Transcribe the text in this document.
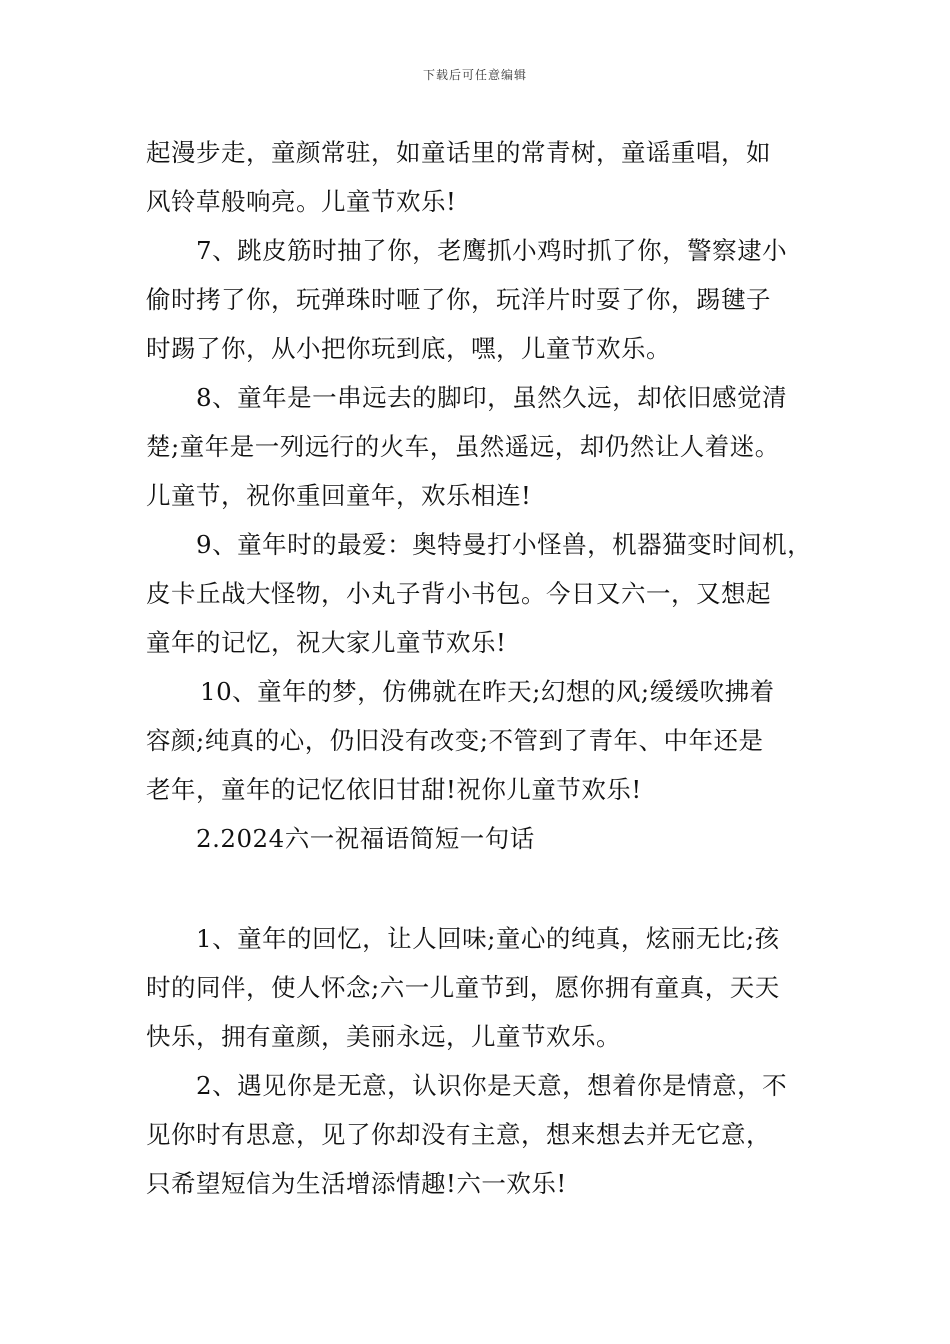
下载后可任意编辑
起漫步走，童颜常驻，如童话里的常青树，童谣重唱，如
风铃草般响亮。儿童节欢乐!
7、跳皮筋时抽了你，老鹰抓小鸡时抓了你，警察逮小
偷时拷了你，玩弹珠时咂了你，玩洋片时耍了你，踢毽子
时踢了你，从小把你玩到底，嘿，儿童节欢乐。
8、童年是一串远去的脚印，虽然久远，却依旧感觉清
楚;童年是一列远行的火车，虽然遥远，却仍然让人着迷。
儿童节，祝你重回童年，欢乐相连!
9、童年时的最爱：奥特曼打小怪兽，机器猫变时间机，
皮卡丘战大怪物，小丸子背小书包。今日又六一，又想起
童年的记忆，祝大家儿童节欢乐!
10、童年的梦，仿佛就在昨天;幻想的风;缓缓吹拂着
容颜;纯真的心，仍旧没有改变;不管到了青年、中年还是
老年，童年的记忆依旧甘甜!祝你儿童节欢乐!
2.2024六一祝福语简短一句话
1、童年的回忆，让人回味;童心的纯真，炫丽无比;孩
时的同伴，使人怀念;六一儿童节到，愿你拥有童真，天天
快乐，拥有童颜，美丽永远，儿童节欢乐。
2、遇见你是无意，认识你是天意，想着你是情意，不
见你时有思意，见了你却没有主意，想来想去并无它意，
只希望短信为生活增添情趣!六一欢乐!
